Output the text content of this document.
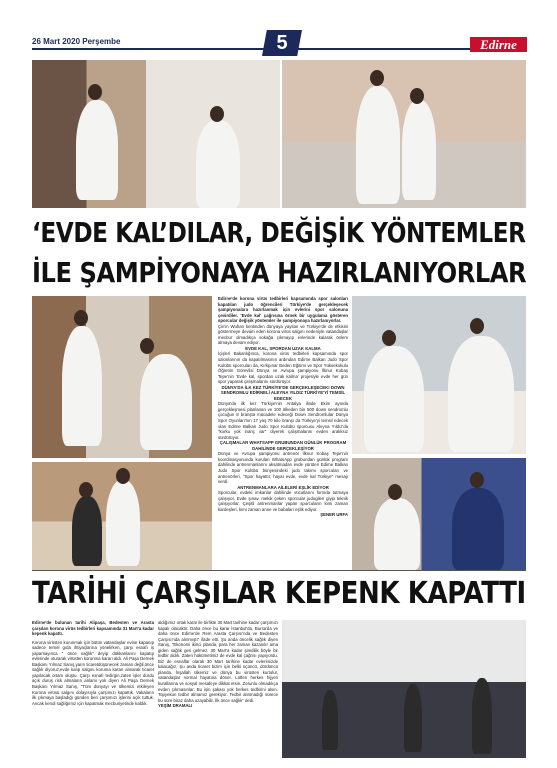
26 Mart 2020 Perşembe	5	Edirne
‘EVDE KAL’DILAR, DEĞİŞİK YÖNTEMLER
İLE ŞAMPİYONAYA HAZIRLANIYORLAR

Edirne'de korona virüs tedbirleri kapsamında spor salonları kapatılan judo öğrencileri Türkiye'de gerçekleşecek şampiyonalara hazırlanmak için evlerini spor salonuna çevirdiler. 'Evde kal' çağrısına örnek bir uygulama gösteren sporcular değişik yöntemler ile şampiyonaya hazırlanıyorlar.

Çin'in Wuhan kentinden dünyaya yayılan ve Türkiye'de de etkisini göstermeye devam eden korona virüs salgını nedeniyle vatandaşlar mecbur olmadıkça sokağa çıkmayıp evlerinde kalarak önlem almaya devam ediyor.

EVDE KAL, SPORDAN UZAK KALMA

İçişleri Bakanlığınca, korona virüs tedbirleri kapsamında spor salonlarının da kapatılmasının ardından Edirne Balkan Judo Spor Kulübü sporcuları da, Kırkpınar Beden Eğitimi ve Spor Yüksekokulu Öğretim Görevlisi Dünya ve Avrupa şampiyonu İlknur Kobaş Tepe'nin 'Evde kal, spordan uzak kalma' projesiyle evde her gün spor yaparak çalışmalarını sürdürüyor.

DÜNYA'DA İLK KEZ TÜRKİYE'DE GERÇEKLEŞECEK! DOWN SENDROMLU EDİRNELİ ALEYNA YILDIZ TÜRKİYE'Yİ TEMSİL EDECEK

Dünya'da ilk kez Türkiye'nin Antalya ilinde Ekim ayında gerçekleşmesi planlanan ve 100 ülkeden bin 500 down sendromlu çocuğun 8 branşta mücadele edeceği Down Sendromlular Dünya Spor Oyunları'nın 17 yaş 70 kilo branşı da Türkiye'yi temsil edecek olan Edirne Balkan Judo Spor Kulübü sporcusu Aleyna Yıldız'da "korku yok inanç var" diyerek çalışmalarını evden aralıksız sürdürüyor.

ÇALIŞMALAR WHATSAPP GRUBUNDAN GÜNLÜK PROGRAM DAHİLİNDE GERÇEKLEŞİYOR

Dünya ve Avrupa şampiyonu antrenör İlknur Kobaş Tepe'nin koordinasyonunda kurulan WhatsApp grubundan günlük program dahilinde antrenmanlarını aksatmadan evde yürüten Edirne Balkan Judo Spor Kulübü bünyesindeki judo takımı sporcuları ve antrenörleri, "Spor hayattır, hayat evde, evde kal Türkiye" mesajı verdi.

ANTRENMANLARA AİLELERİ EŞLİK EDİYOR

Sporcular, evdeki imkanlar dahilinde vücutlarını formda tutmaya çalışıyor. Evde şınav, mekik çeken sporcular judogileri giyip teknik çalışıyorlar. Çeşitli antrenmanlar yapan sporcuların kimi zaman kardeşleri, kimi zaman anne ve babaları eşlik ediyor.

ŞENER URFA

TARİHİ ÇARŞILAR KEPENK KAPATTI

Edirne'de bulunan tarihi Alipaşa, Bedesten ve Arasta çarşıları korona virüs tedbirleri kapsamında 31 Mart'a kadar kepenk kapattı.

Korona virüsten korunmak için bütün vatandaşlar evine kapanıp sadece temel gıda ihtiyaçlarına yönelirken, çarşı esnafı iş yapamayınca " önce sağlık" deyip dükkanlarını kapatıp evlerinde oturarak virüsten korunma kararı aldı. Ali Paşa Dernek Başkanı Yılmaz Sanış,yarın ticaretdüşünecek zaman değil,önce sağlık diyoruz,evde kalıp salgını koruma kararı alınarak ticaret yapılacak ortam oluştu. Çarşı esnafı tedirgin,zaten işler durdu açık duruş risk almaların anlamı yok diyen Ali Paşa Dernek Başkanı Yılmaz Sanış, "Tüm dünyayı ve ülkemizi etkileyen Korona virüsü salgını dolayısıyla çarşımızı kapattık. Vakaların ilk çıkmaya başladığı günden beri çarşımızı işlerini açık tuttuk. Ancak kendi sağlığımız için kapatmak mecburiyetinde kaldık.

aldığımız ortak karar ile birlikte 30 Mart tarihine kadar çarşımızı kapalı olacaktır. Daha önce bu karar İstanbul'da, Bursa'da ve daha önce Edirne'de Rem Arasta Çarşısı'nda ve Bedesten Çarşısı'nda alınmıştı" ifade etti. Şu anda öncelik sağlık diyen Sanış, "Ekonomi ikinci planda, para her zaman kazanılır ama giden sağlık geri gelmez. 30 Mart'a kadar şimdilik böyle bir tedbir aldık. Zaten hükümetimiz de evde kal çağrısı yapıyordu. Biz de esnaflar olarak 30 Mart tarihine kadar evlerimizde kalacağız. Şu anda ticaret bizim için belki üçüncü, dördüncü planda. İnşallah ülkemiz ve dünya bu virüsten kurtulur, vatandaşlar normal hayatına döner. Lütfen herkes hijyen kurallarına ve sosyal mesafeye dikkat etsin. Zorunlu olmadıkça evden çıkmasınlar. Bu işin şakası yok herkes tedbirini alsın. Topyekun tedbir almamız gerekiyor. Tedbir alınmadığı sürece bu süre biraz daha uzayabilir. İlk önce sağlık" dedi.

YEŞİM DRAMALI
